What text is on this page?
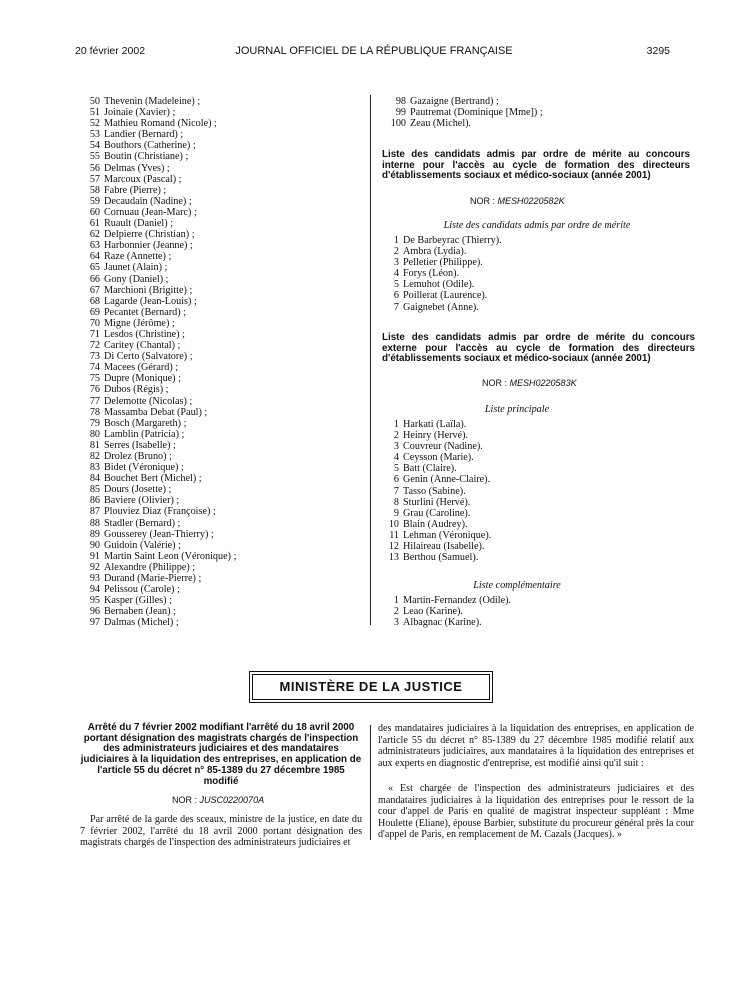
20 février 2002	JOURNAL OFFICIEL DE LA RÉPUBLIQUE FRANÇAISE	3295
50 Thevenin (Madeleine) ;
51 Joinaie (Xavier) ;
52 Mathieu Romand (Nicole) ;
53 Landier (Bernard) ;
54 Bouthors (Catherine) ;
55 Boutin (Christiane) ;
56 Delmas (Yves) ;
57 Marcoux (Pascal) ;
58 Fabre (Pierre) ;
59 Decaudain (Nadine) ;
60 Cornuau (Jean-Marc) ;
61 Ruault (Daniel) ;
62 Delpierre (Christian) ;
63 Harbonnier (Jeanne) ;
64 Raze (Annette) ;
65 Jaunet (Alain) ;
66 Gony (Daniel) ;
67 Marchioni (Brigitte) ;
68 Lagarde (Jean-Louis) ;
69 Pecantet (Bernard) ;
70 Migne (Jérôme) ;
71 Lesdos (Christine) ;
72 Caritey (Chantal) ;
73 Di Certo (Salvatore) ;
74 Macees (Gérard) ;
75 Dupre (Monique) ;
76 Dubos (Régis) ;
77 Delemotte (Nicolas) ;
78 Massamba Debat (Paul) ;
79 Bosch (Margareth) ;
80 Lamblin (Patricia) ;
81 Serres (Isabelle) ;
82 Drolez (Bruno) ;
83 Bidet (Véronique) ;
84 Bouchet Bert (Michel) ;
85 Dours (Josette) ;
86 Baviere (Olivier) ;
87 Plouviez Diaz (Françoise) ;
88 Stadler (Bernard) ;
89 Gousserey (Jean-Thierry) ;
90 Guidoin (Valérie) ;
91 Martin Saint Leon (Véronique) ;
92 Alexandre (Philippe) ;
93 Durand (Marie-Pierre) ;
94 Pelissou (Carole) ;
95 Kasper (Gilles) ;
96 Bernaben (Jean) ;
97 Dalmas (Michel) ;
98 Gazaigne (Bertrand) ;
99 Pautremat (Dominique [Mme]) ;
100 Zeau (Michel).
Liste des candidats admis par ordre de mérite au concours interne pour l'accès au cycle de formation des directeurs d'établissements sociaux et médico-sociaux (année 2001)
NOR : MESH0220582K
Liste des candidats admis par ordre de mérite
1 De Barbeyrac (Thierry).
2 Ambra (Lydia).
3 Pelletier (Philippe).
4 Forys (Léon).
5 Lemuhot (Odile).
6 Poillerat (Laurence).
7 Gaignebet (Anne).
Liste des candidats admis par ordre de mérite du concours externe pour l'accès au cycle de formation des directeurs d'établissements sociaux et médico-sociaux (année 2001)
NOR : MESH0220583K
Liste principale
1 Harkati (Laïla).
2 Heinry (Hervé).
3 Couvreur (Nadine).
4 Ceysson (Marie).
5 Batt (Claire).
6 Genin (Anne-Claire).
7 Tasso (Sabine).
8 Sturlini (Hervé).
9 Grau (Caroline).
10 Blain (Audrey).
11 Lehman (Véronique).
12 Hilaireau (Isabelle).
13 Berthou (Samuel).
Liste complémentaire
1 Martin-Fernandez (Odile).
2 Leao (Karine).
3 Albagnac (Karine).
MINISTÈRE DE LA JUSTICE
Arrêté du 7 février 2002 modifiant l'arrêté du 18 avril 2000 portant désignation des magistrats chargés de l'inspection des administrateurs judiciaires et des mandataires judiciaires à la liquidation des entreprises, en application de l'article 55 du décret n° 85-1389 du 27 décembre 1985 modifié
NOR : JUSC0220070A
Par arrêté de la garde des sceaux, ministre de la justice, en date du 7 février 2002, l'arrêté du 18 avril 2000 portant désignation des magistrats chargés de l'inspection des administrateurs judiciaires et
des mandataires judiciaires à la liquidation des entreprises, en application de l'article 55 du décret n° 85-1389 du 27 décembre 1985 modifié relatif aux administrateurs judiciaires, aux mandataires à la liquidation des entreprises et aux experts en diagnostic d'entreprise, est modifié ainsi qu'il suit :
« Est chargée de l'inspection des administrateurs judiciaires et des mandataires judiciaires à la liquidation des entreprises pour le ressort de la cour d'appel de Paris en qualité de magistrat inspecteur suppléant : Mme Houlette (Eliane), épouse Barbier, substitute du procureur général près la cour d'appel de Paris, en remplacement de M. Cazals (Jacques). »
